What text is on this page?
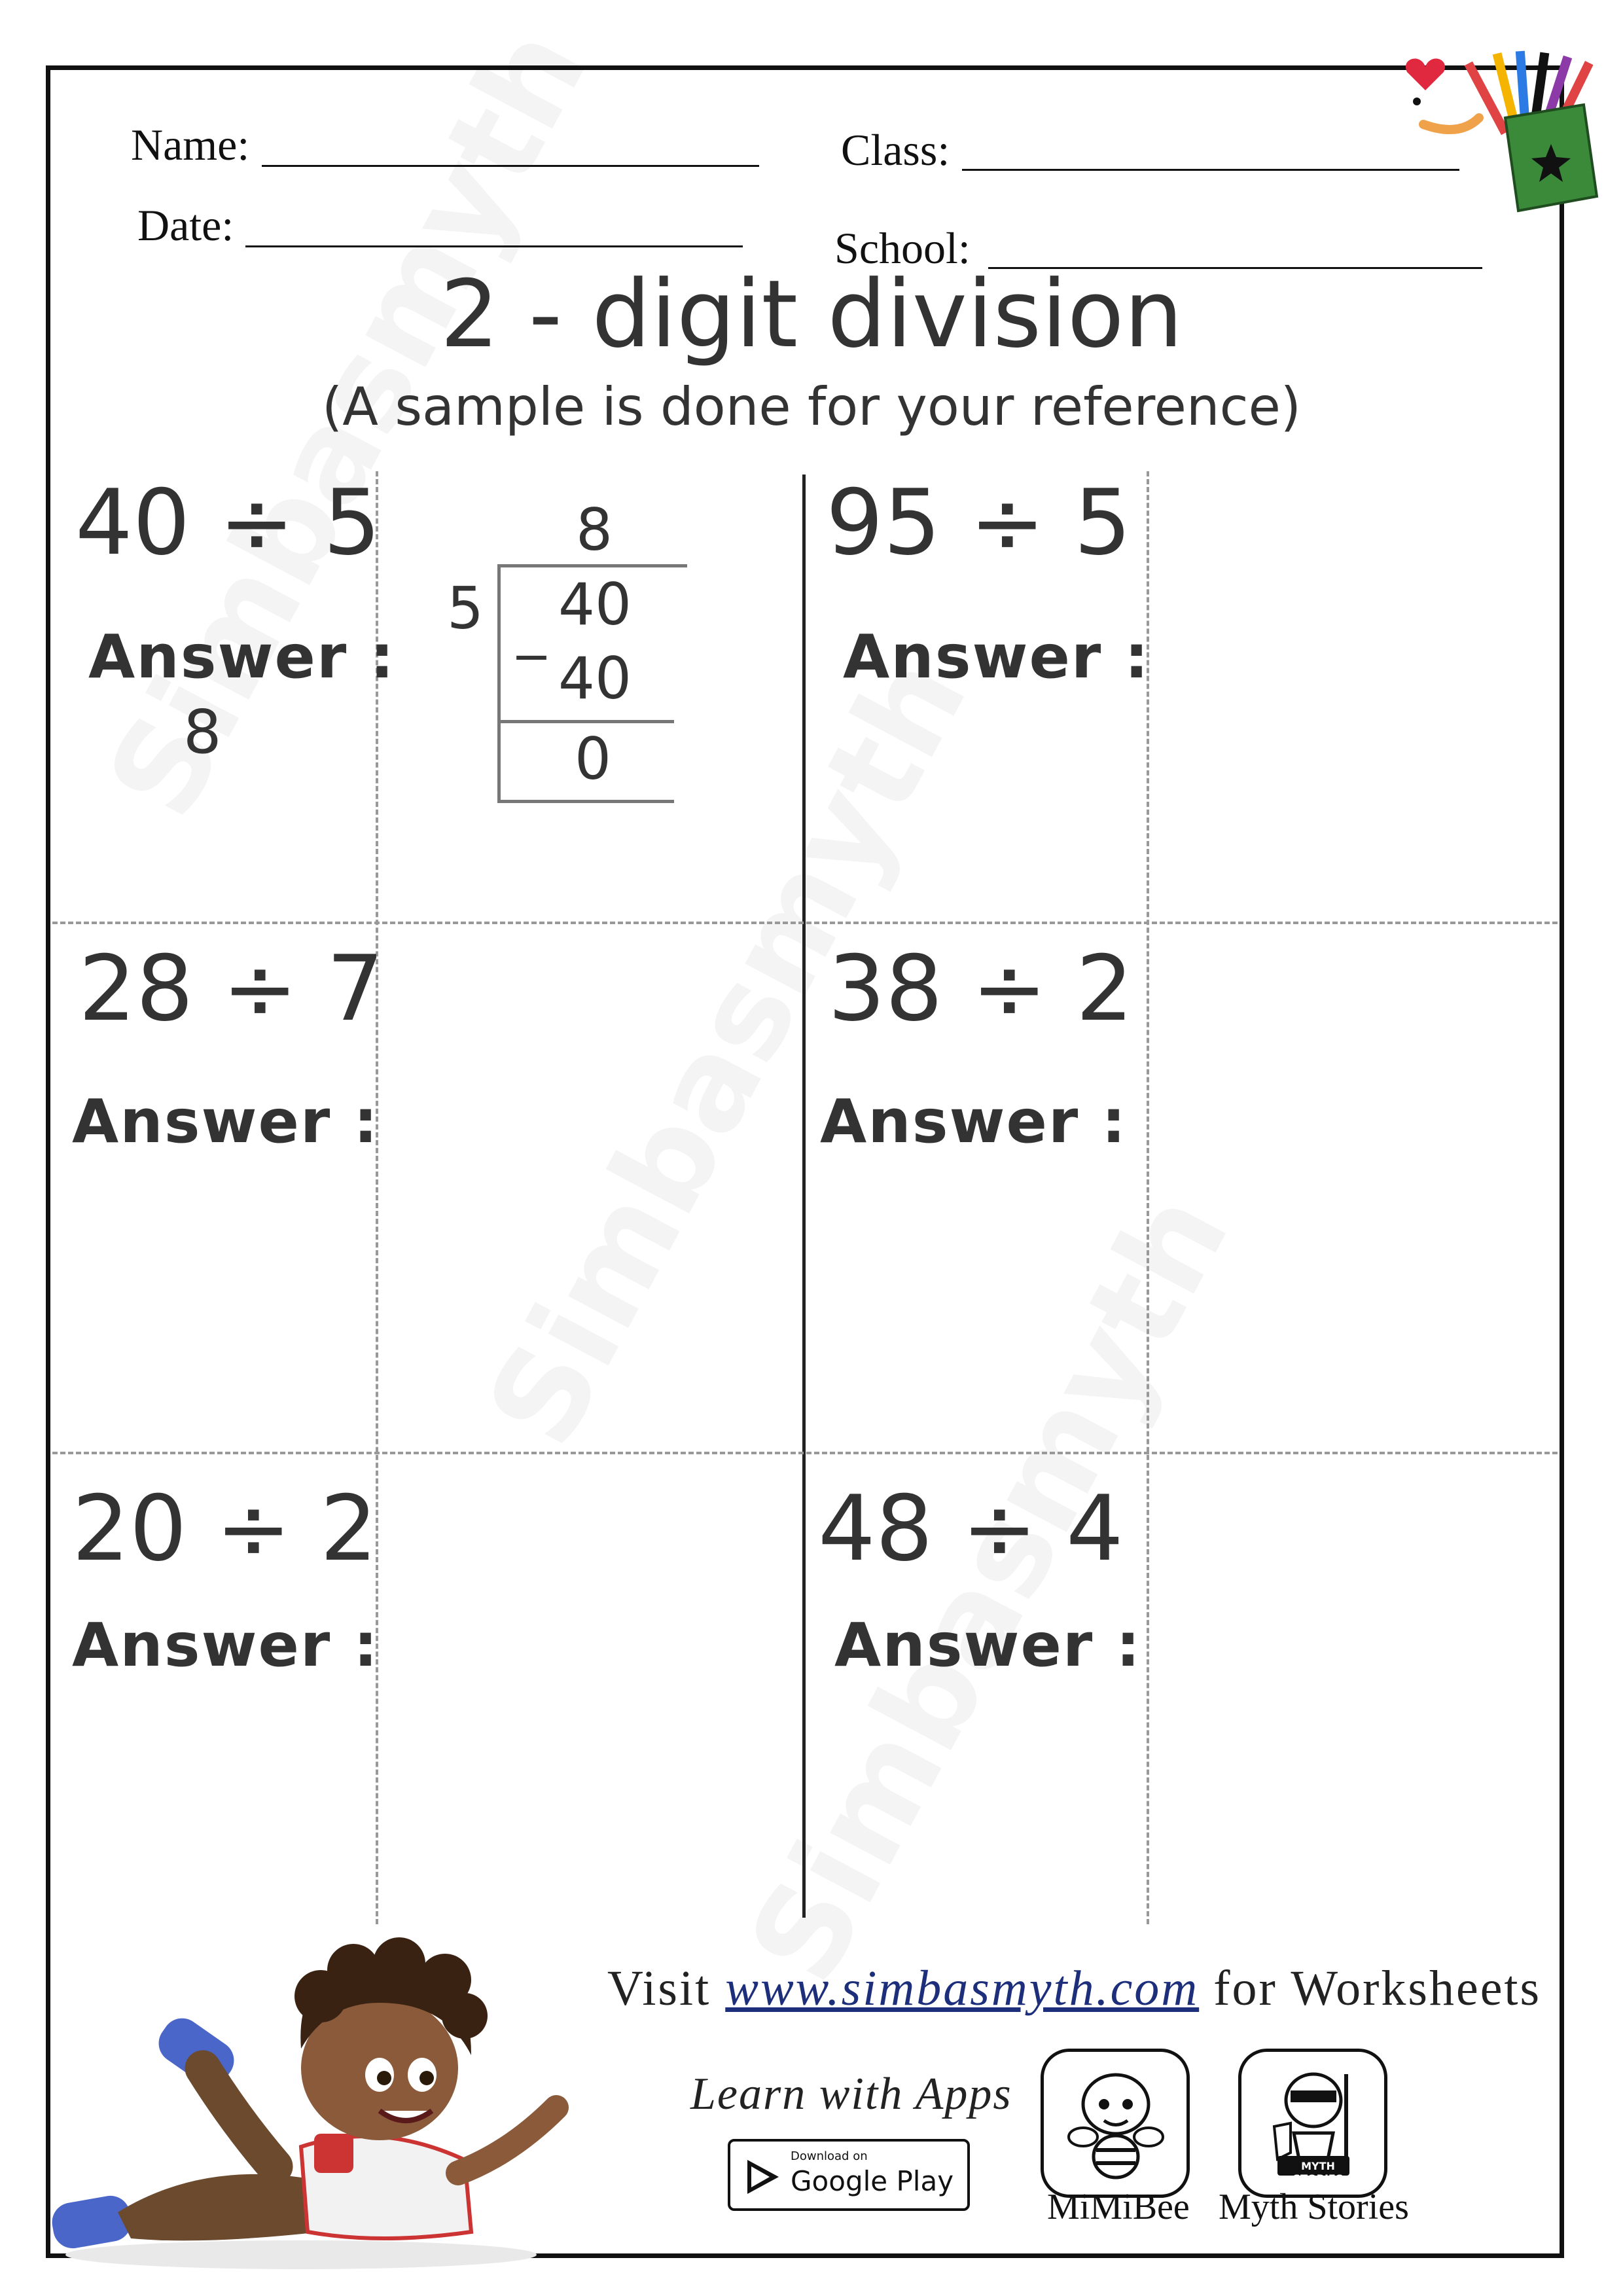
Name:	Class:
Date:	School:
2 - digit division
(A sample is done for your reference)
40 ÷ 5
Answer :
8
8
5 40
_
40
0
95 ÷ 5
Answer :
28 ÷ 7
Answer :
38 ÷ 2
Answer :
20 ÷ 2
Answer :
48 ÷ 4
Answer :
Visit www.simbasmyth.com for Worksheets
Learn with Apps
Download on
Google Play
MiMiBee
MYTH STORIES
Myth Stories
